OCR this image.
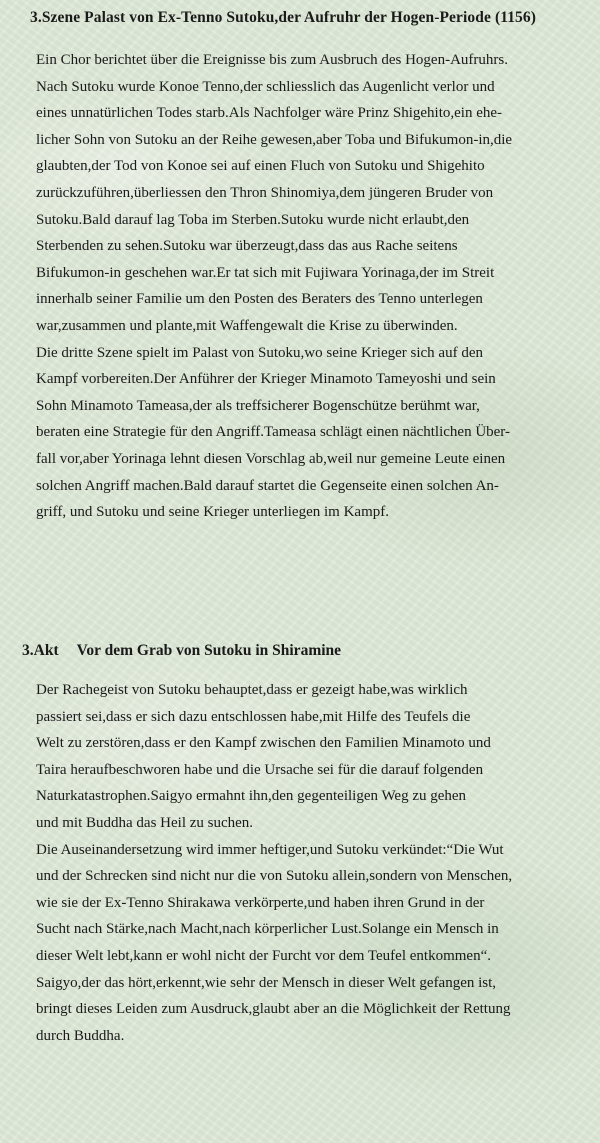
3.Szene Palast von Ex-Tenno Sutoku,der Aufruhr der Hogen-Periode (1156)
Ein Chor berichtet über die Ereignisse bis zum Ausbruch des Hogen-Aufruhrs.
Nach Sutoku wurde Konoe Tenno,der schliesslich das Augenlicht verlor und
eines unnatürlichen Todes starb.Als Nachfolger wäre Prinz Shigehito,ein ehe-
licher Sohn von Sutoku an der Reihe gewesen,aber Toba und Bifukumon-in,die
glaubten,der Tod von Konoe sei auf einen Fluch von Sutoku und Shigehito
zurückzuführen,überliessen den Thron Shinomiya,dem jüngeren Bruder von
Sutoku.Bald darauf lag Toba im Sterben.Sutoku wurde nicht erlaubt,den
Sterbenden zu sehen.Sutoku war überzeugt,dass das aus Rache seitens
Bifukumon-in geschehen war.Er tat sich mit Fujiwara Yorinaga,der im Streit
innerhalb seiner Familie um den Posten des Beraters des Tenno unterlegen
war,zusammen und plante,mit Waffengewalt die Krise zu überwinden.
Die dritte Szene spielt im Palast von Sutoku,wo seine Krieger sich auf den
Kampf vorbereiten.Der Anführer der Krieger Minamoto Tameyoshi und sein
Sohn Minamoto Tameasa,der als treffsicherer Bogenschütze berühmt war,
beraten eine Strategie für den Angriff.Tameasa schlägt einen nächtlichen Über-
fall vor,aber Yorinaga lehnt diesen Vorschlag ab,weil nur gemeine Leute einen
solchen Angriff machen.Bald darauf startet die Gegenseite einen solchen An-
griff, und Sutoku und seine Krieger unterliegen im Kampf.
3.Akt Vor dem Grab von Sutoku in Shiramine
Der Rachegeist von Sutoku behauptet,dass er gezeigt habe,was wirklich
passiert sei,dass er sich dazu entschlossen habe,mit Hilfe des Teufels die
Welt zu zerstören,dass er den Kampf zwischen den Familien Minamoto und
Taira heraufbeschworen habe und die Ursache sei für die darauf folgenden
Naturkatastrophen.Saigyo ermahnt ihn,den gegenteiligen Weg zu gehen
und mit Buddha das Heil zu suchen.
Die Auseinandersetzung wird immer heftiger,und Sutoku verkündet:“Die Wut
und der Schrecken sind nicht nur die von Sutoku allein,sondern von Menschen,
wie sie der Ex-Tenno Shirakawa verkörperte,und haben ihren Grund in der
Sucht nach Stärke,nach Macht,nach körperlicher Lust.Solange ein Mensch in
dieser Welt lebt,kann er wohl nicht der Furcht vor dem Teufel entkommen“.
Saigyo,der das hört,erkennt,wie sehr der Mensch in dieser Welt gefangen ist,
bringt dieses Leiden zum Ausdruck,glaubt aber an die Möglichkeit der Rettung
durch Buddha.
